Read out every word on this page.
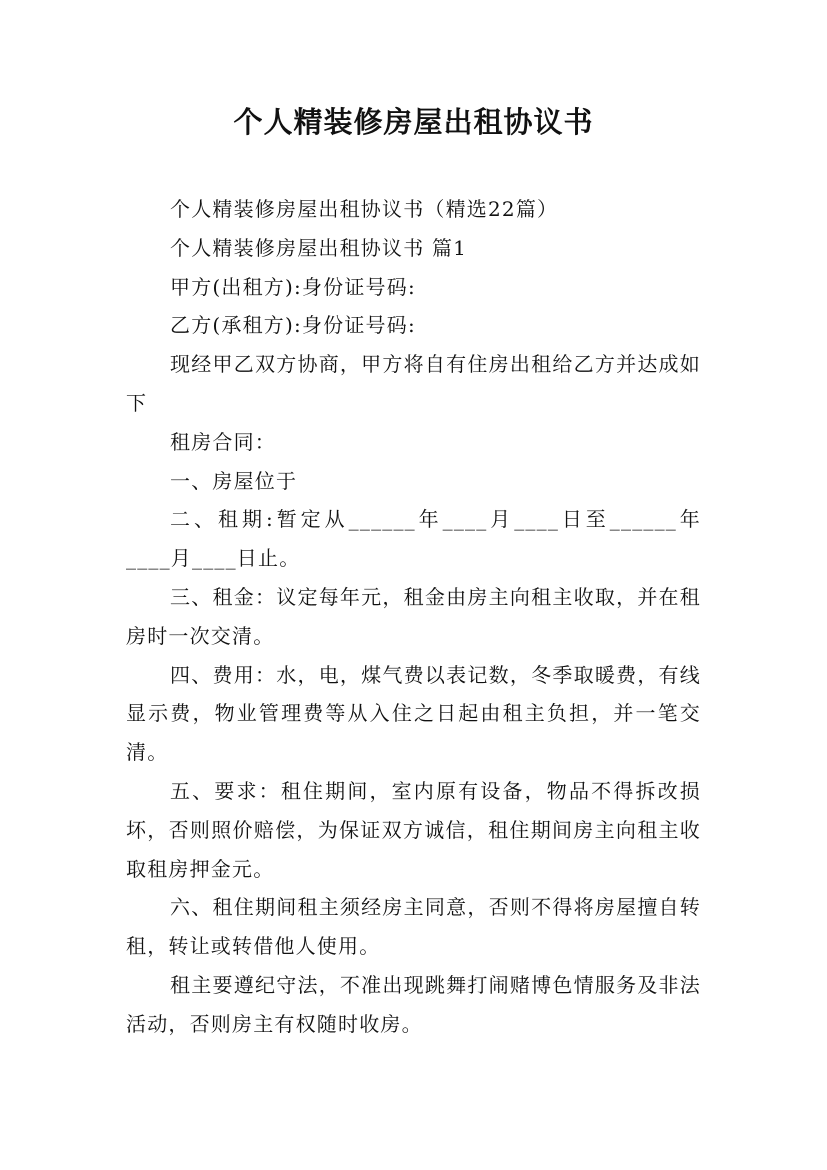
个人精装修房屋出租协议书

个人精装修房屋出租协议书（精选22篇）

个人精装修房屋出租协议书 篇1

甲方(出租方):身份证号码:

乙方(承租方):身份证号码:

现经甲乙双方协商，甲方将自有住房出租给乙方并达成如下

租房合同：

一、房屋位于

二、租期:暂定从______年____月____日至______年____月____日止。

三、租金：议定每年元，租金由房主向租主收取，并在租房时一次交清。

四、费用：水，电，煤气费以表记数，冬季取暖费，有线显示费，物业管理费等从入住之日起由租主负担，并一笔交清。

五、要求：租住期间，室内原有设备，物品不得拆改损坏，否则照价赔偿，为保证双方诚信，租住期间房主向租主收取租房押金元。

六、租住期间租主须经房主同意，否则不得将房屋擅自转租，转让或转借他人使用。

租主要遵纪守法，不准出现跳舞打闹赌博色情服务及非法活动，否则房主有权随时收房。
